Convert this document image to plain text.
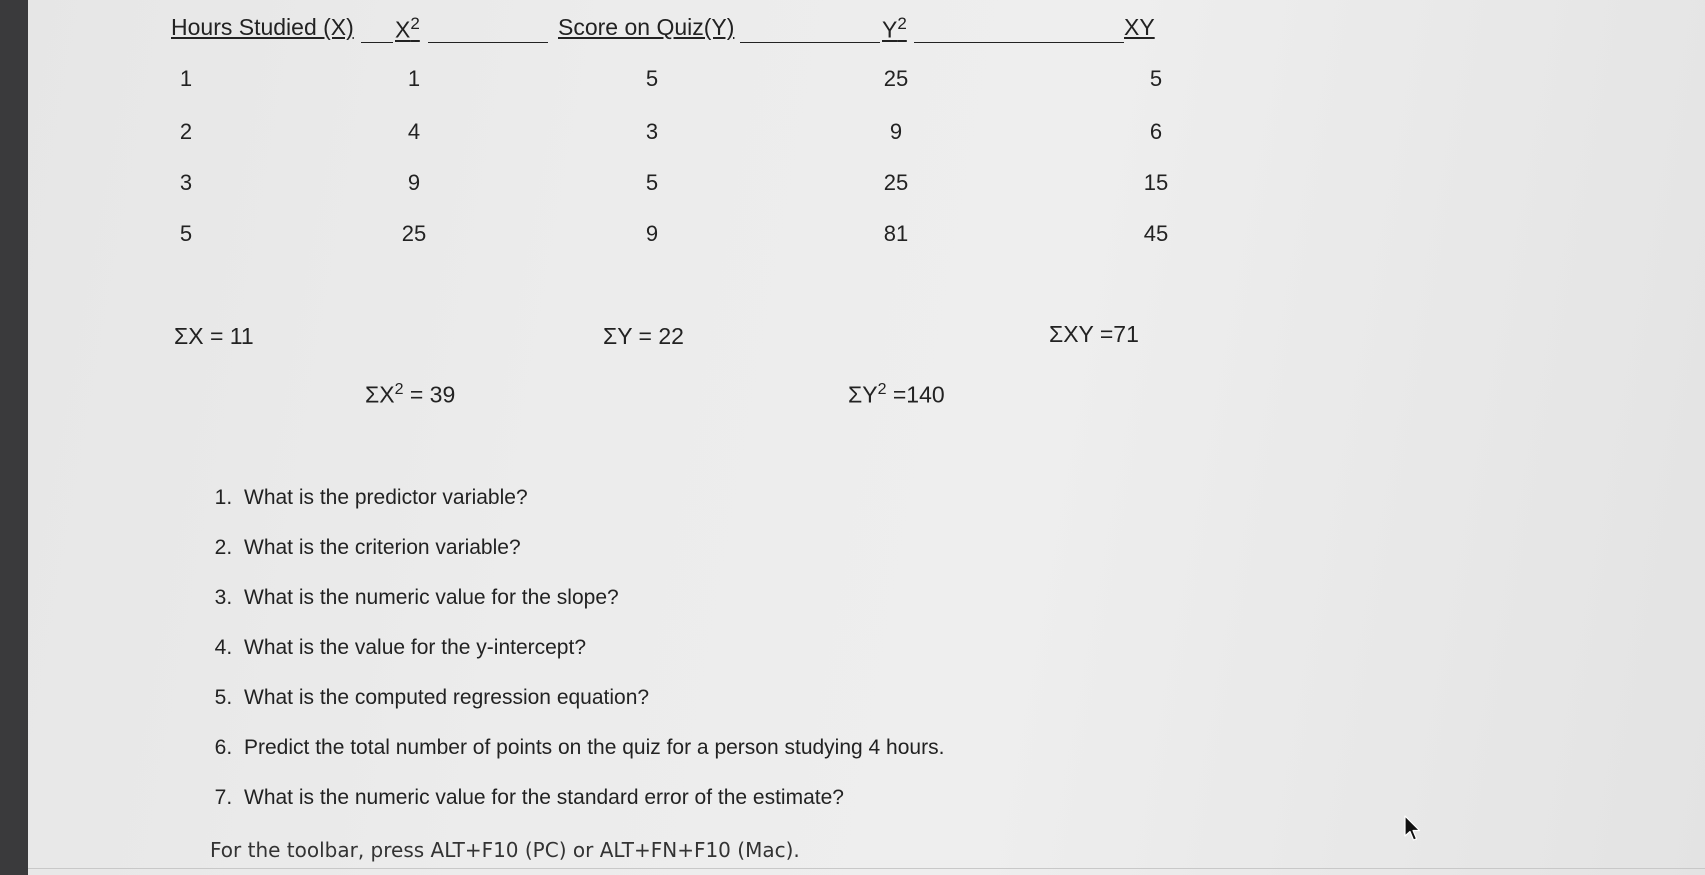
Hours Studied (X) $X^2$	Score on Quiz(Y)	$Y^2$	XY
1	1	5	25	5
2	4	3	9	6
3	9	5	25	15
5	25	9	81	45
ΣX = 11	ΣY = 22	ΣXY =71
$\Sigma X^2 = 39$	$\Sigma Y^2 =140$
1. What is the predictor variable?
2. What is the criterion variable?
3. What is the numeric value for the slope?
4. What is the value for the y-intercept?
5. What is the computed regression equation?
6. Predict the total number of points on the quiz for a person studying 4 hours.
7. What is the numeric value for the standard error of the estimate?
For the toolbar, press ALT+F10 (PC) or ALT+FN+F10 (Mac).
